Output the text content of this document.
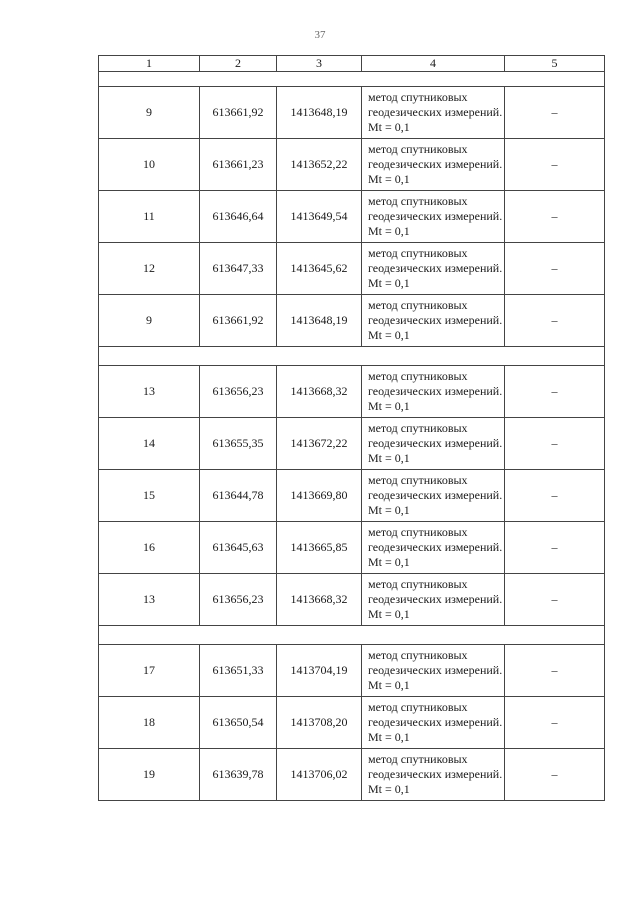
37
1	2	3	4	5

9	613661,92	1413648,19	метод спутниковых геодезических измерений. Mt = 0,1	–
10	613661,23	1413652,22	метод спутниковых геодезических измерений. Mt = 0,1	–
11	613646,64	1413649,54	метод спутниковых геодезических измерений. Mt = 0,1	–
12	613647,33	1413645,62	метод спутниковых геодезических измерений. Mt = 0,1	–
9	613661,92	1413648,19	метод спутниковых геодезических измерений. Mt = 0,1	–

13	613656,23	1413668,32	метод спутниковых геодезических измерений. Mt = 0,1	–
14	613655,35	1413672,22	метод спутниковых геодезических измерений. Mt = 0,1	–
15	613644,78	1413669,80	метод спутниковых геодезических измерений. Mt = 0,1	–
16	613645,63	1413665,85	метод спутниковых геодезических измерений. Mt = 0,1	–
13	613656,23	1413668,32	метод спутниковых геодезических измерений. Mt = 0,1	–

17	613651,33	1413704,19	метод спутниковых геодезических измерений. Mt = 0,1	–
18	613650,54	1413708,20	метод спутниковых геодезических измерений. Mt = 0,1	–
19	613639,78	1413706,02	метод спутниковых геодезических измерений. Mt = 0,1	–
